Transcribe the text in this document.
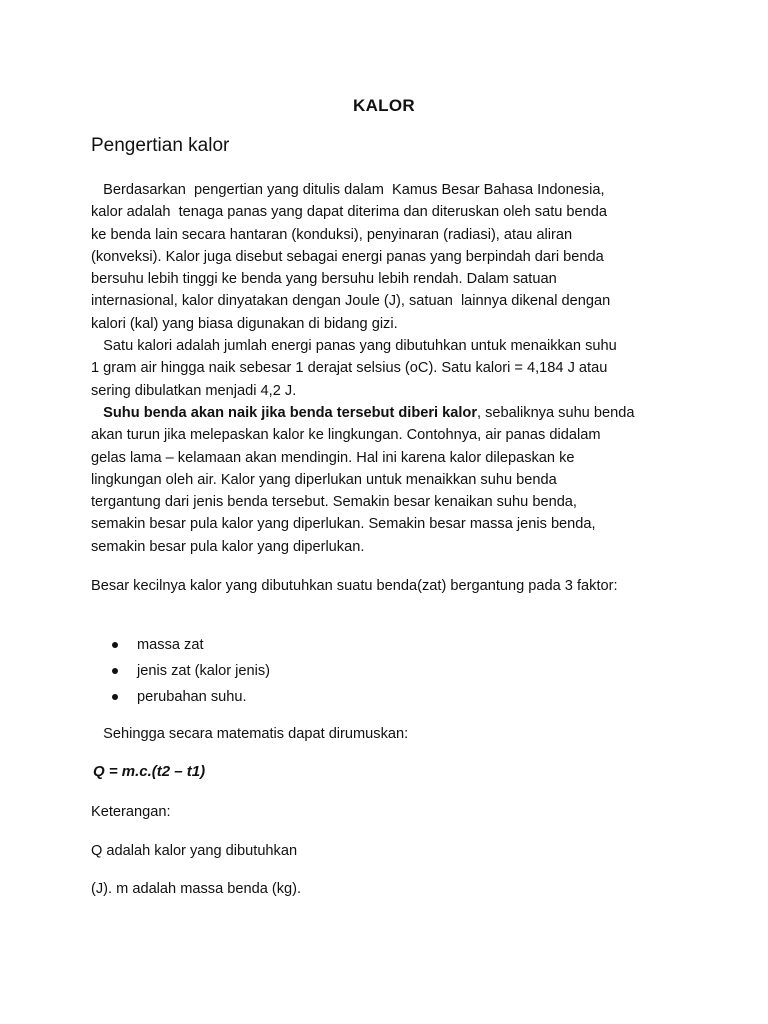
KALOR
Pengertian kalor
Berdasarkan  pengertian yang ditulis dalam  Kamus Besar Bahasa Indonesia,
kalor adalah  tenaga panas yang dapat diterima dan diteruskan oleh satu benda
ke benda lain secara hantaran (konduksi), penyinaran (radiasi), atau aliran
(konveksi). Kalor juga disebut sebagai energi panas yang berpindah dari benda
bersuhu lebih tinggi ke benda yang bersuhu lebih rendah. Dalam satuan
internasional, kalor dinyatakan dengan Joule (J), satuan  lainnya dikenal dengan
kalori (kal) yang biasa digunakan di bidang gizi.
Satu kalori adalah jumlah energi panas yang dibutuhkan untuk menaikkan suhu
1 gram air hingga naik sebesar 1 derajat selsius (oC). Satu kalori = 4,184 J atau
sering dibulatkan menjadi 4,2 J.
Suhu benda akan naik jika benda tersebut diberi kalor, sebaliknya suhu benda
akan turun jika melepaskan kalor ke lingkungan. Contohnya, air panas didalam
gelas lama – kelamaan akan mendingin. Hal ini karena kalor dilepaskan ke
lingkungan oleh air. Kalor yang diperlukan untuk menaikkan suhu benda
tergantung dari jenis benda tersebut. Semakin besar kenaikan suhu benda,
semakin besar pula kalor yang diperlukan. Semakin besar massa jenis benda,
semakin besar pula kalor yang diperlukan.
Besar kecilnya kalor yang dibutuhkan suatu benda(zat) bergantung pada 3 faktor:
massa zat
jenis zat (kalor jenis)
perubahan suhu.
Sehingga secara matematis dapat dirumuskan:
Q = m.c.(t2 – t1)
Keterangan:
Q adalah kalor yang dibutuhkan
(J). m adalah massa benda (kg).
